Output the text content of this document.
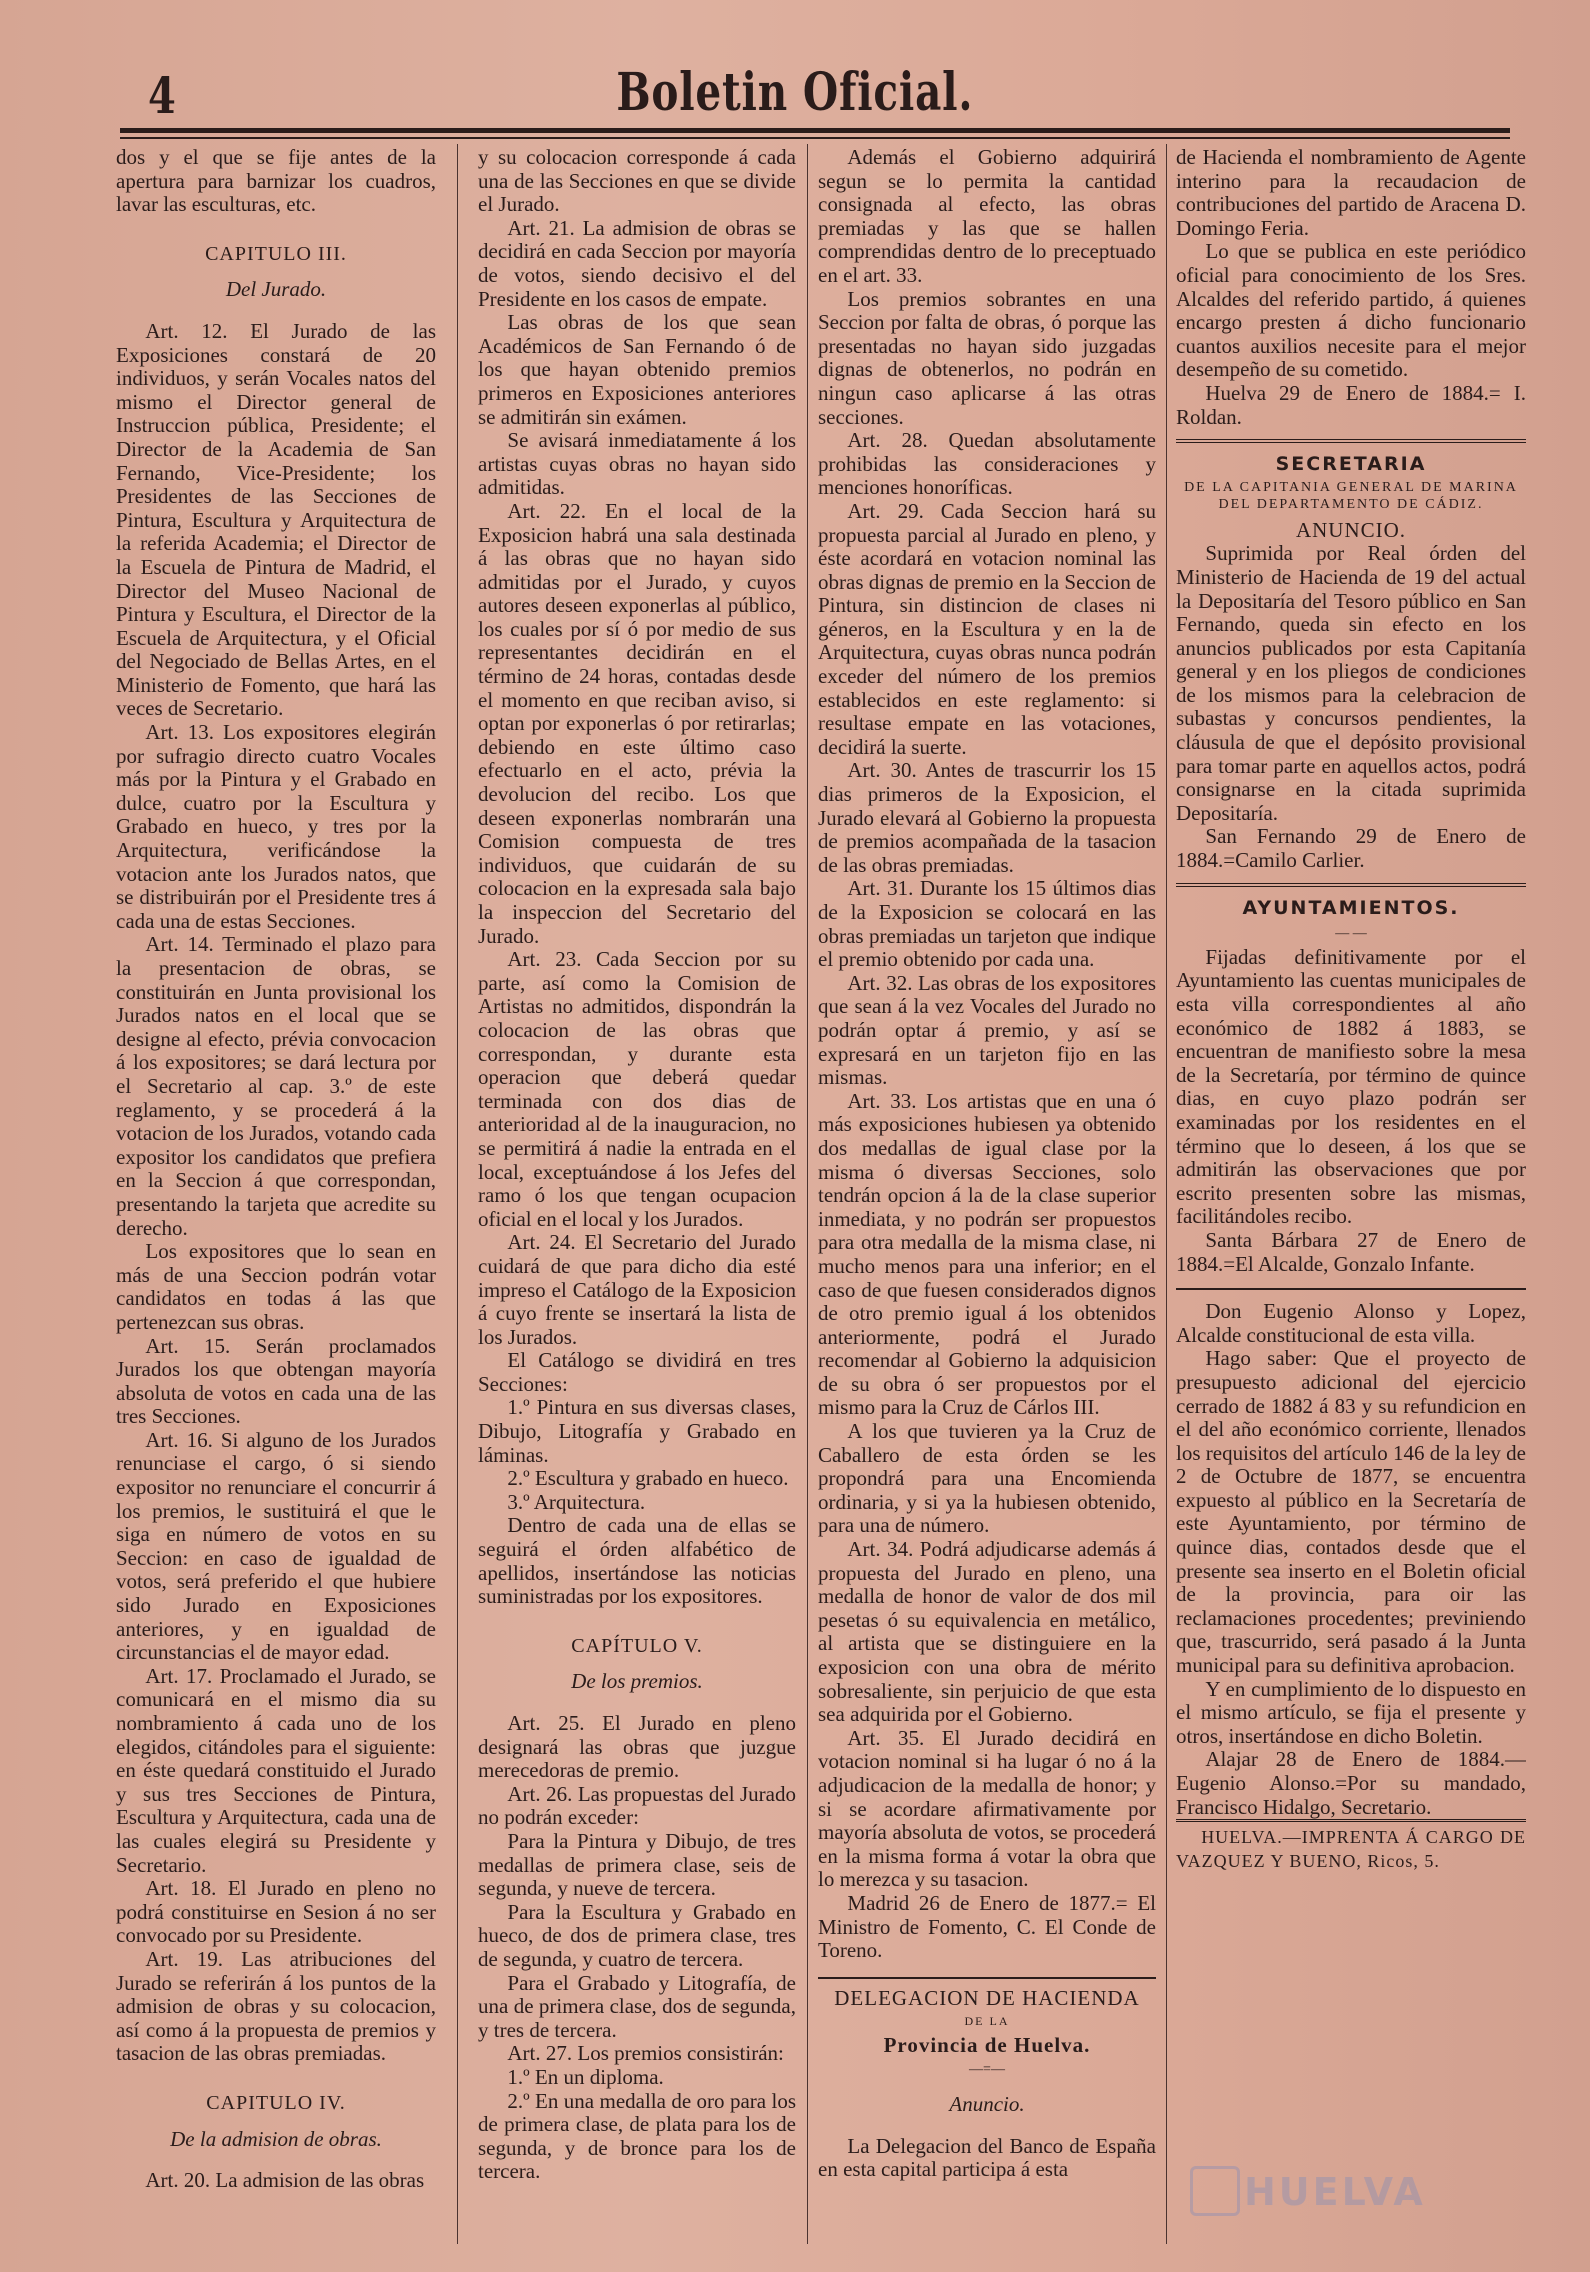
4	Boletin Oficial.

dos y el que se fije antes de la apertura para barnizar los cuadros, lavar las esculturas, etc.

CAPITULO III.
Del Jurado.

Art. 12. El Jurado de las Exposiciones constará de 20 individuos, y serán Vocales natos del mismo el Director general de Instruccion pública, Presidente; el Director de la Academia de San Fernando, Vice-Presidente; los Presidentes de las Secciones de Pintura, Escultura y Arquitectura de la referida Academia; el Director de la Escuela de Pintura de Madrid, el Director del Museo Nacional de Pintura y Escultura, el Director de la Escuela de Arquitectura, y el Oficial del Negociado de Bellas Artes, en el Ministerio de Fomento, que hará las veces de Secretario.

Art. 13. Los expositores elegirán por sufragio directo cuatro Vocales más por la Pintura y el Grabado en dulce, cuatro por la Escultura y Grabado en hueco, y tres por la Arquitectura, verificándose la votacion ante los Jurados natos, que se distribuirán por el Presidente tres á cada una de estas Secciones.

Art. 14. Terminado el plazo para la presentacion de obras, se constituirán en Junta provisional los Jurados natos en el local que se designe al efecto, prévia convocacion á los expositores; se dará lectura por el Secretario al cap. 3.º de este reglamento, y se procederá á la votacion de los Jurados, votando cada expositor los candidatos que prefiera en la Seccion á que correspondan, presentando la tarjeta que acredite su derecho.

Los expositores que lo sean en más de una Seccion podrán votar candidatos en todas á las que pertenezcan sus obras.

Art. 15. Serán proclamados Jurados los que obtengan mayoría absoluta de votos en cada una de las tres Secciones.

Art. 16. Si alguno de los Jurados renunciase el cargo, ó si siendo expositor no renunciare el concurrir á los premios, le sustituirá el que le siga en número de votos en su Seccion: en caso de igualdad de votos, será preferido el que hubiere sido Jurado en Exposiciones anteriores, y en igualdad de circunstancias el de mayor edad.

Art. 17. Proclamado el Jurado, se comunicará en el mismo dia su nombramiento á cada uno de los elegidos, citándoles para el siguiente: en éste quedará constituido el Jurado y sus tres Secciones de Pintura, Escultura y Arquitectura, cada una de las cuales elegirá su Presidente y Secretario.

Art. 18. El Jurado en pleno no podrá constituirse en Sesion á no ser convocado por su Presidente.

Art. 19. Las atribuciones del Jurado se referirán á los puntos de la admision de obras y su colocacion, así como á la propuesta de premios y tasacion de las obras premiadas.

CAPITULO IV.
De la admision de obras.

Art. 20. La admision de las obras

y su colocacion corresponde á cada una de las Secciones en que se divide el Jurado.

Art. 21. La admision de obras se decidirá en cada Seccion por mayoría de votos, siendo decisivo el del Presidente en los casos de empate.

Las obras de los que sean Académicos de San Fernando ó de los que hayan obtenido premios primeros en Exposiciones anteriores se admitirán sin exámen.

Se avisará inmediatamente á los artistas cuyas obras no hayan sido admitidas.

Art. 22. En el local de la Exposicion habrá una sala destinada á las obras que no hayan sido admitidas por el Jurado, y cuyos autores deseen exponerlas al público, los cuales por sí ó por medio de sus representantes decidirán en el término de 24 horas, contadas desde el momento en que reciban aviso, si optan por exponerlas ó por retirarlas; debiendo en este último caso efectuarlo en el acto, prévia la devolucion del recibo. Los que deseen exponerlas nombrarán una Comision compuesta de tres individuos, que cuidarán de su colocacion en la expresada sala bajo la inspeccion del Secretario del Jurado.

Art. 23. Cada Seccion por su parte, así como la Comision de Artistas no admitidos, dispondrán la colocacion de las obras que correspondan, y durante esta operacion que deberá quedar terminada con dos dias de anterioridad al de la inauguracion, no se permitirá á nadie la entrada en el local, exceptuándose á los Jefes del ramo ó los que tengan ocupacion oficial en el local y los Jurados.

Art. 24. El Secretario del Jurado cuidará de que para dicho dia esté impreso el Catálogo de la Exposicion á cuyo frente se insertará la lista de los Jurados.

El Catálogo se dividirá en tres Secciones:

1.º Pintura en sus diversas clases, Dibujo, Litografía y Grabado en láminas.

2.º Escultura y grabado en hueco.

3.º Arquitectura.

Dentro de cada una de ellas se seguirá el órden alfabético de apellidos, insertándose las noticias suministradas por los expositores.

CAPÍTULO V.
De los premios.

Art. 25. El Jurado en pleno designará las obras que juzgue merecedoras de premio.

Art. 26. Las propuestas del Jurado no podrán exceder:

Para la Pintura y Dibujo, de tres medallas de primera clase, seis de segunda, y nueve de tercera.

Para la Escultura y Grabado en hueco, de dos de primera clase, tres de segunda, y cuatro de tercera.

Para el Grabado y Litografía, de una de primera clase, dos de segunda, y tres de tercera.

Art. 27. Los premios consistirán:

1.º En un diploma.

2.º En una medalla de oro para los de primera clase, de plata para los de segunda, y de bronce para los de tercera.

Además el Gobierno adquirirá segun se lo permita la cantidad consignada al efecto, las obras premiadas y las que se hallen comprendidas dentro de lo preceptuado en el art. 33.

Los premios sobrantes en una Seccion por falta de obras, ó porque las presentadas no hayan sido juzgadas dignas de obtenerlos, no podrán en ningun caso aplicarse á las otras secciones.

Art. 28. Quedan absolutamente prohibidas las consideraciones y menciones honoríficas.

Art. 29. Cada Seccion hará su propuesta parcial al Jurado en pleno, y éste acordará en votacion nominal las obras dignas de premio en la Seccion de Pintura, sin distincion de clases ni géneros, en la Escultura y en la de Arquitectura, cuyas obras nunca podrán exceder del número de los premios establecidos en este reglamento: si resultase empate en las votaciones, decidirá la suerte.

Art. 30. Antes de trascurrir los 15 dias primeros de la Exposicion, el Jurado elevará al Gobierno la propuesta de premios acompañada de la tasacion de las obras premiadas.

Art. 31. Durante los 15 últimos dias de la Exposicion se colocará en las obras premiadas un tarjeton que indique el premio obtenido por cada una.

Art. 32. Las obras de los expositores que sean á la vez Vocales del Jurado no podrán optar á premio, y así se expresará en un tarjeton fijo en las mismas.

Art. 33. Los artistas que en una ó más exposiciones hubiesen ya obtenido dos medallas de igual clase por la misma ó diversas Secciones, solo tendrán opcion á la de la clase superior inmediata, y no podrán ser propuestos para otra medalla de la misma clase, ni mucho menos para una inferior; en el caso de que fuesen considerados dignos de otro premio igual á los obtenidos anteriormente, podrá el Jurado recomendar al Gobierno la adquisicion de su obra ó ser propuestos por el mismo para la Cruz de Cárlos III.

A los que tuvieren ya la Cruz de Caballero de esta órden se les propondrá para una Encomienda ordinaria, y si ya la hubiesen obtenido, para una de número.

Art. 34. Podrá adjudicarse además á propuesta del Jurado en pleno, una medalla de honor de valor de dos mil pesetas ó su equivalencia en metálico, al artista que se distinguiere en la exposicion con una obra de mérito sobresaliente, sin perjuicio de que esta sea adquirida por el Gobierno.

Art. 35. El Jurado decidirá en votacion nominal si ha lugar ó no á la adjudicacion de la medalla de honor; y si se acordare afirmativamente por mayoría absoluta de votos, se procederá en la misma forma á votar la obra que lo merezca y su tasacion.

Madrid 26 de Enero de 1877.= El Ministro de Fomento, C. El Conde de Toreno.

DELEGACION DE HACIENDA
DE LA
Provincia de Huelva.
—=—
Anuncio.

La Delegacion del Banco de España en esta capital participa á esta

de Hacienda el nombramiento de Agente interino para la recaudacion de contribuciones del partido de Aracena D. Domingo Feria.

Lo que se publica en este periódico oficial para conocimiento de los Sres. Alcaldes del referido partido, á quienes encargo presten á dicho funcionario cuantos auxilios necesite para el mejor desempeño de su cometido.

Huelva 29 de Enero de 1884.= I. Roldan.

SECRETARIA
DE LA CAPITANIA GENERAL DE MARINA DEL DEPARTAMENTO DE CÁDIZ.
ANUNCIO.

Suprimida por Real órden del Ministerio de Hacienda de 19 del actual la Depositaría del Tesoro público en San Fernando, queda sin efecto en los anuncios publicados por esta Capitanía general y en los pliegos de condiciones de los mismos para la celebracion de subastas y concursos pendientes, la cláusula de que el depósito provisional para tomar parte en aquellos actos, podrá consignarse en la citada suprimida Depositaría.

San Fernando 29 de Enero de 1884.=Camilo Carlier.

AYUNTAMIENTOS.
— —

Fijadas definitivamente por el Ayuntamiento las cuentas municipales de esta villa correspondientes al año económico de 1882 á 1883, se encuentran de manifiesto sobre la mesa de la Secretaría, por término de quince dias, en cuyo plazo podrán ser examinadas por los residentes en el término que lo deseen, á los que se admitirán las observaciones que por escrito presenten sobre las mismas, facilitándoles recibo.

Santa Bárbara 27 de Enero de 1884.=El Alcalde, Gonzalo Infante.

Don Eugenio Alonso y Lopez, Alcalde constitucional de esta villa.

Hago saber: Que el proyecto de presupuesto adicional del ejercicio cerrado de 1882 á 83 y su refundicion en el del año económico corriente, llenados los requisitos del artículo 146 de la ley de 2 de Octubre de 1877, se encuentra expuesto al público en la Secretaría de este Ayuntamiento, por término de quince dias, contados desde que el presente sea inserto en el Boletin oficial de la provincia, para oir las reclamaciones procedentes; previniendo que, trascurrido, será pasado á la Junta municipal para su definitiva aprobacion.

Y en cumplimiento de lo dispuesto en el mismo artículo, se fija el presente y otros, insertándose en dicho Boletin.

Alajar 28 de Enero de 1884.— Eugenio Alonso.=Por su mandado, Francisco Hidalgo, Secretario.

HUELVA.—IMPRENTA Á CARGO DE VAZQUEZ Y BUENO, Ricos, 5.

HUELVA
